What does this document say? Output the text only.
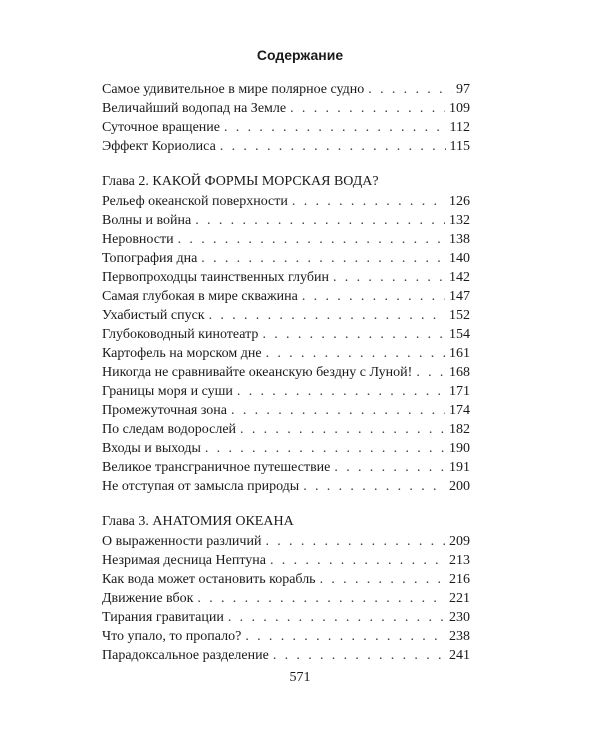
Содержание
Самое удивительное в мире полярное судно . . .	97
Величайший водопад на Земле . . .	109
Суточное вращение . . .	112
Эффект Кориолиса . . .	115
Глава 2. КАКОЙ ФОРМЫ МОРСКАЯ ВОДА?
Рельеф океанской поверхности . . .	126
Волны и война . . .	132
Неровности . . .	138
Топография дна . . .	140
Первопроходцы таинственных глубин . . .	142
Самая глубокая в мире скважина . . .	147
Ухабистый спуск . . .	152
Глубоководный кинотеатр . . .	154
Картофель на морском дне . . .	161
Никогда не сравнивайте океанскую бездну с Луной! . . .	168
Границы моря и суши . . .	171
Промежуточная зона . . .	174
По следам водорослей . . .	182
Входы и выходы . . .	190
Великое трансграничное путешествие . . .	191
Не отступая от замысла природы . . .	200
Глава 3. АНАТОМИЯ ОКЕАНА
О выраженности различий . . .	209
Незримая десница Нептуна . . .	213
Как вода может остановить корабль . . .	216
Движение вбок . . .	221
Тирания гравитации . . .	230
Что упало, то пропало? . . .	238
Парадоксальное разделение . . .	241
571
